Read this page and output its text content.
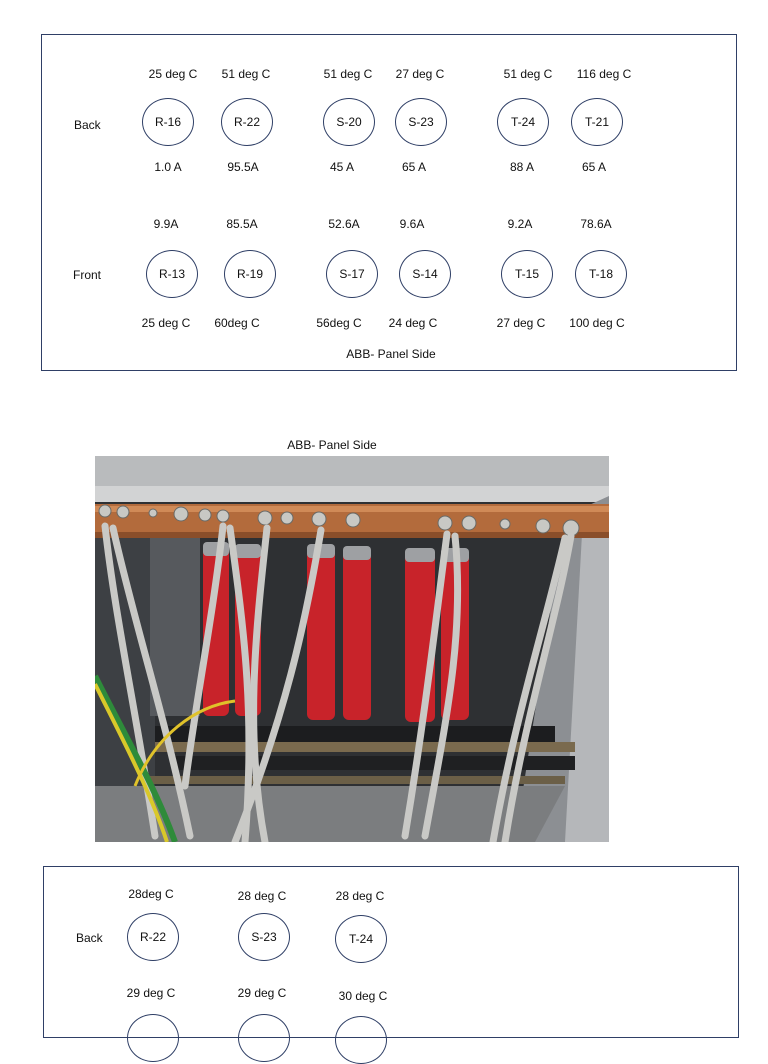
Back
Front
25 deg C
R-16
1.0 A
51 deg C
R-22
95.5A
51 deg C
S-20
45 A
27 deg C
S-23
65 A
51 deg C
T-24
88 A
116 deg C
T-21
65 A
9.9A
R-13
25 deg C
85.5A
R-19
60deg C
52.6A
S-17
56deg C
9.6A
S-14
24 deg C
9.2A
T-15
27 deg C
78.6A
T-18
100 deg C
ABB- Panel Side
ABB- Panel Side
Back
28deg C
R-22
29 deg C
28 deg C
S-23
29 deg C
28 deg C
T-24
30 deg C
